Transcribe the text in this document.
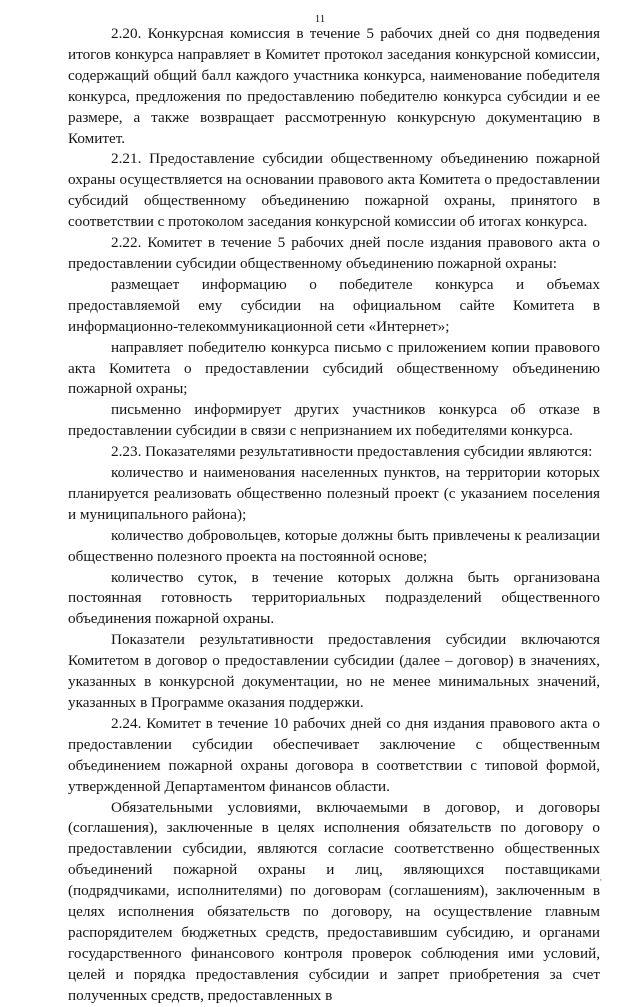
11

2.20. Конкурсная комиссия в течение 5 рабочих дней со дня подведения итогов конкурса направляет в Комитет протокол заседания конкурсной комиссии, содержащий общий балл каждого участника конкурса, наименование победителя конкурса, предложения по предоставлению победителю конкурса субсидии и ее размере, а также возвращает рассмотренную конкурсную документацию в Комитет.

2.21. Предоставление субсидии общественному объединению пожарной охраны осуществляется на основании правового акта Комитета о предоставлении субсидий общественному объединению пожарной охраны, принятого в соответствии с протоколом заседания конкурсной комиссии об итогах конкурса.

2.22. Комитет в течение 5 рабочих дней после издания правового акта о предоставлении субсидии общественному объединению пожарной охраны:

размещает информацию о победителе конкурса и объемах предоставляемой ему субсидии на официальном сайте Комитета в информационно-телекоммуникационной сети «Интернет»;

направляет победителю конкурса письмо с приложением копии правового акта Комитета о предоставлении субсидий общественному объединению пожарной охраны;

письменно информирует других участников конкурса об отказе в предоставлении субсидии в связи с непризнанием их победителями конкурса.

2.23. Показателями результативности предоставления субсидии являются:

количество и наименования населенных пунктов, на территории которых планируется реализовать общественно полезный проект (с указанием поселения и муниципального района);

количество добровольцев, которые должны быть привлечены к реализации общественно полезного проекта на постоянной основе;

количество суток, в течение которых должна быть организована постоянная готовность территориальных подразделений общественного объединения пожарной охраны.

Показатели результативности предоставления субсидии включаются Комитетом в договор о предоставлении субсидии (далее – договор) в значениях, указанных в конкурсной документации, но не менее минимальных значений, указанных в Программе оказания поддержки.

2.24. Комитет в течение 10 рабочих дней со дня издания правового акта о предоставлении субсидии обеспечивает заключение с общественным объединением пожарной охраны договора в соответствии с типовой формой, утвержденной Департаментом финансов области.

Обязательными условиями, включаемыми в договор, и договоры (соглашения), заключенные в целях исполнения обязательств по договору о предоставлении субсидии, являются согласие соответственно общественных объединений пожарной охраны и лиц, являющихся поставщиками (подрядчиками, исполнителями) по договорам (соглашениям), заключенным в целях исполнения обязательств по договору, на осуществление главным распорядителем бюджетных средств, предоставившим субсидию, и органами государственного финансового контроля проверок соблюдения ими условий, целей и порядка предоставления субсидии и запрет приобретения за счет полученных средств, предоставленных в

,
